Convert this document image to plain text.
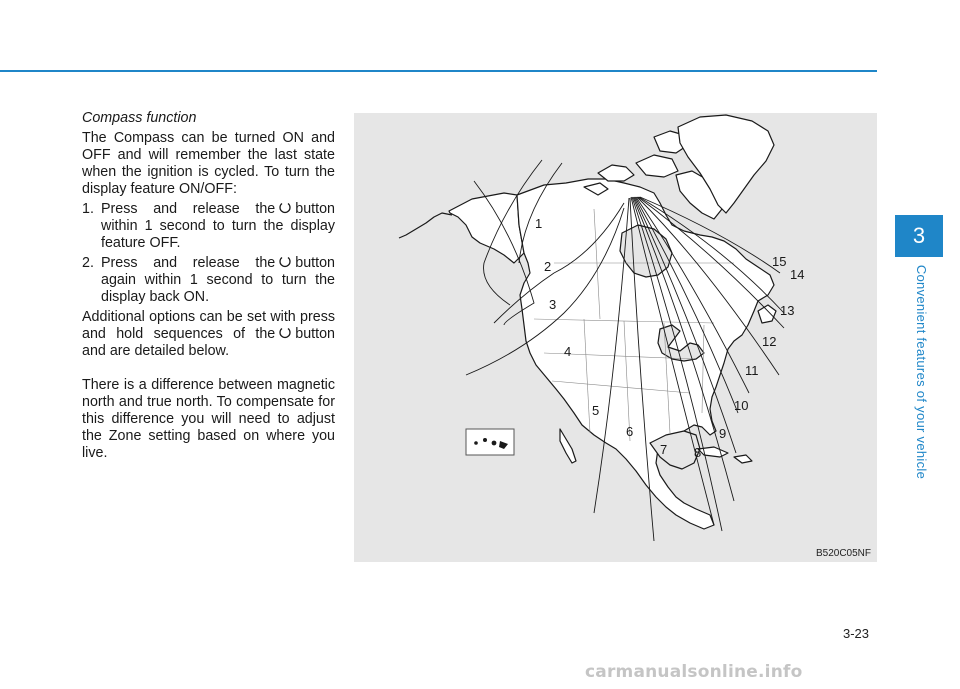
3
Convenient features of your vehicle
Compass function

The Compass can be turned ON and OFF and will remember the last state when the ignition is cycled. To turn the display feature ON/OFF:

1. Press and release the button within 1 second to turn the display feature OFF.
2. Press and release the button again within 1 second to turn the display back ON.

Additional options can be set with press and hold sequences of the button and are detailed below.

There is a difference between magnetic north and true north. To compensate for this difference you will need to adjust the Zone setting based on where you live.

1
2
3
4
5
6
7 8
9
10
11
12
13
14
15
B520C05NF
3-23
carmanualsonline.info
